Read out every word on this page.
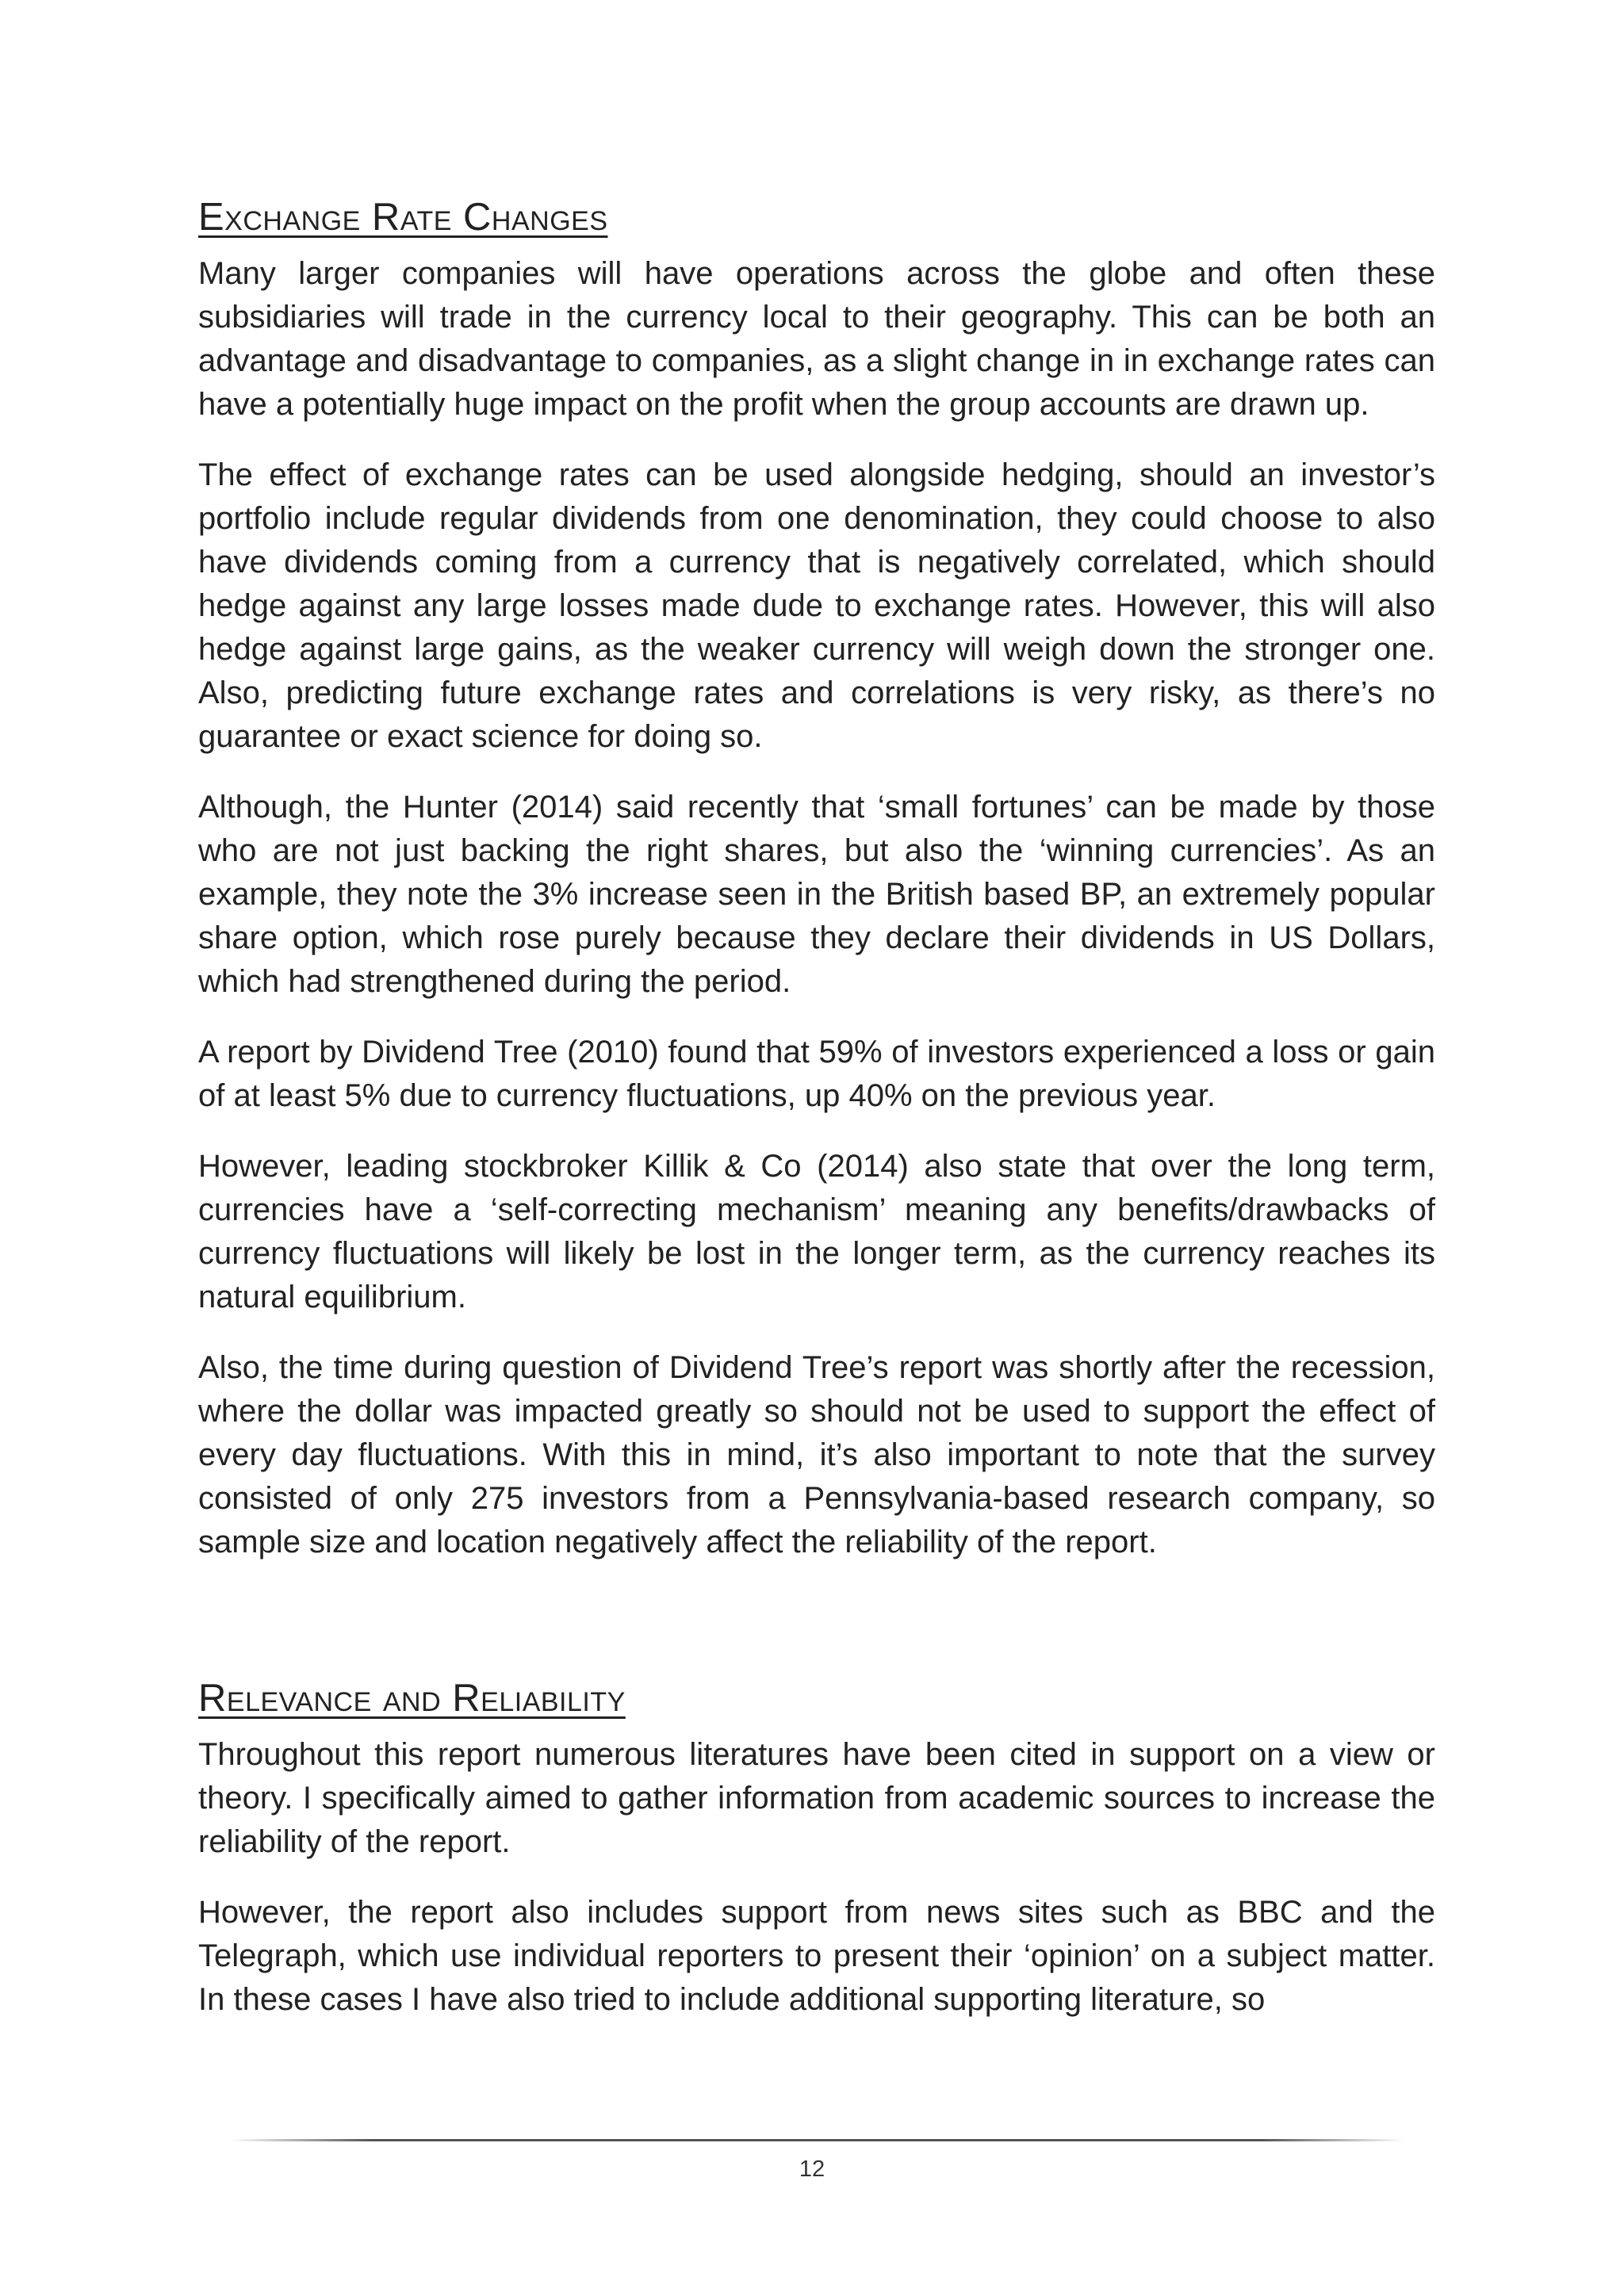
Exchange Rate Changes

Many larger companies will have operations across the globe and often these subsidiaries will trade in the currency local to their geography. This can be both an advantage and disadvantage to companies, as a slight change in in exchange rates can have a potentially huge impact on the profit when the group accounts are drawn up.

The effect of exchange rates can be used alongside hedging, should an investor’s portfolio include regular dividends from one denomination, they could choose to also have dividends coming from a currency that is negatively correlated, which should hedge against any large losses made dude to exchange rates. However, this will also hedge against large gains, as the weaker currency will weigh down the stronger one. Also, predicting future exchange rates and correlations is very risky, as there’s no guarantee or exact science for doing so.

Although, the Hunter (2014) said recently that ‘small fortunes’ can be made by those who are not just backing the right shares, but also the ‘winning currencies’. As an example, they note the 3% increase seen in the British based BP, an extremely popular share option, which rose purely because they declare their dividends in US Dollars, which had strengthened during the period.

A report by Dividend Tree (2010) found that 59% of investors experienced a loss or gain of at least 5% due to currency fluctuations, up 40% on the previous year.

However, leading stockbroker Killik & Co (2014) also state that over the long term, currencies have a ‘self-correcting mechanism’ meaning any benefits/drawbacks of currency fluctuations will likely be lost in the longer term, as the currency reaches its natural equilibrium.

Also, the time during question of Dividend Tree’s report was shortly after the recession, where the dollar was impacted greatly so should not be used to support the effect of every day fluctuations. With this in mind, it’s also important to note that the survey consisted of only 275 investors from a Pennsylvania-based research company, so sample size and location negatively affect the reliability of the report.

Relevance and Reliability

Throughout this report numerous literatures have been cited in support on a view or theory. I specifically aimed to gather information from academic sources to increase the reliability of the report.

However, the report also includes support from news sites such as BBC and the Telegraph, which use individual reporters to present their ‘opinion’ on a subject matter. In these cases I have also tried to include additional supporting literature, so

12
